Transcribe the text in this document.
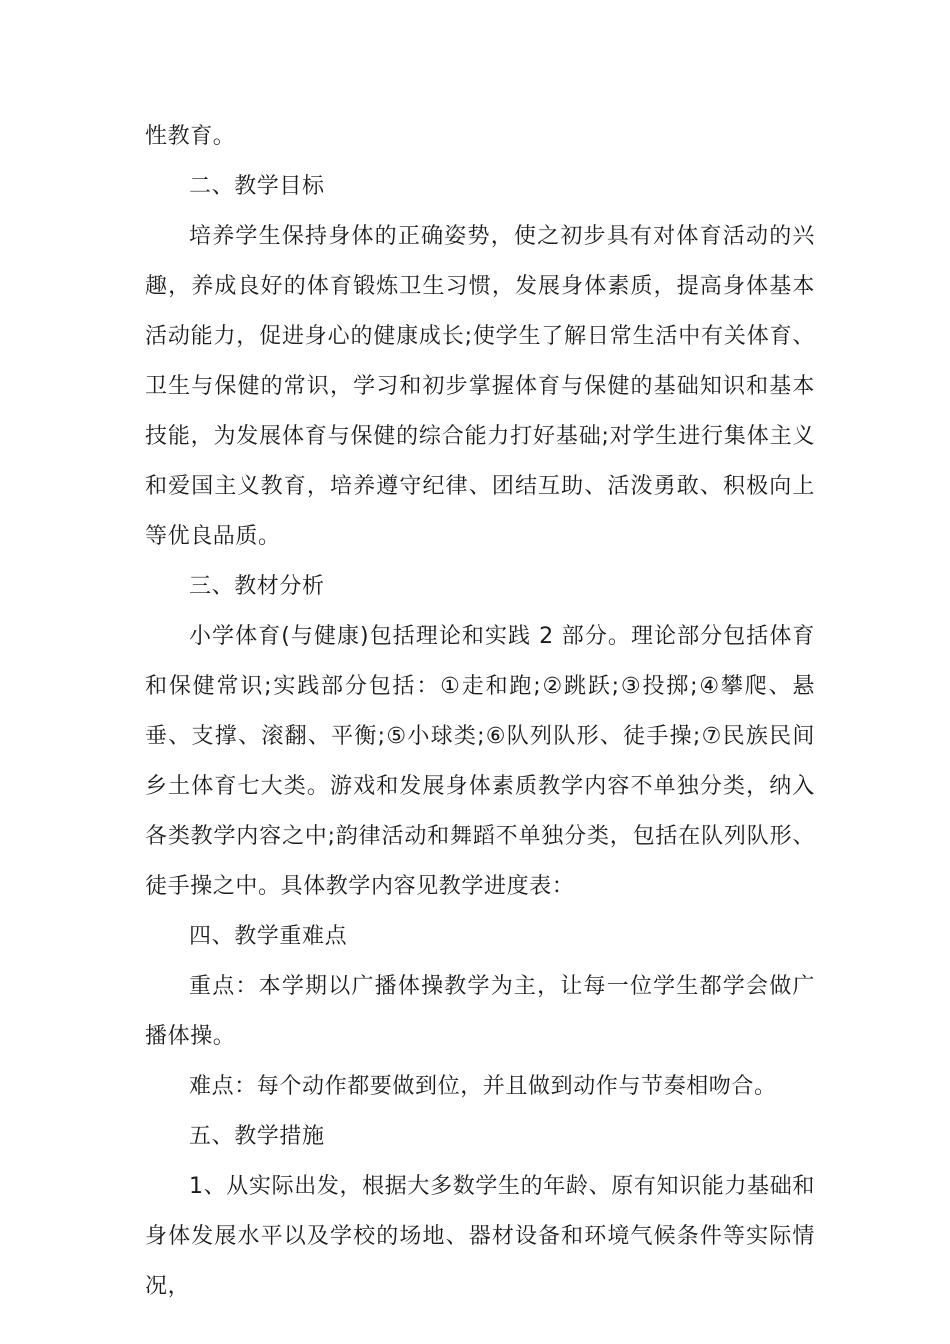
性教育。

二、教学目标

培养学生保持身体的正确姿势，使之初步具有对体育活动的兴趣，养成良好的体育锻炼卫生习惯，发展身体素质，提高身体基本活动能力，促进身心的健康成长;使学生了解日常生活中有关体育、卫生与保健的常识，学习和初步掌握体育与保健的基础知识和基本技能，为发展体育与保健的综合能力打好基础;对学生进行集体主义和爱国主义教育，培养遵守纪律、团结互助、活泼勇敢、积极向上等优良品质。

三、教材分析

小学体育(与健康)包括理论和实践 2 部分。理论部分包括体育和保健常识;实践部分包括：①走和跑;②跳跃;③投掷;④攀爬、悬垂、支撑、滚翻、平衡;⑤小球类;⑥队列队形、徒手操;⑦民族民间乡土体育七大类。游戏和发展身体素质教学内容不单独分类，纳入各类教学内容之中;韵律活动和舞蹈不单独分类，包括在队列队形、徒手操之中。具体教学内容见教学进度表：

四、教学重难点

重点：本学期以广播体操教学为主，让每一位学生都学会做广播体操。

难点：每个动作都要做到位，并且做到动作与节奏相吻合。

五、教学措施

1、从实际出发，根据大多数学生的年龄、原有知识能力基础和身体发展水平以及学校的场地、器材设备和环境气候条件等实际情况，
